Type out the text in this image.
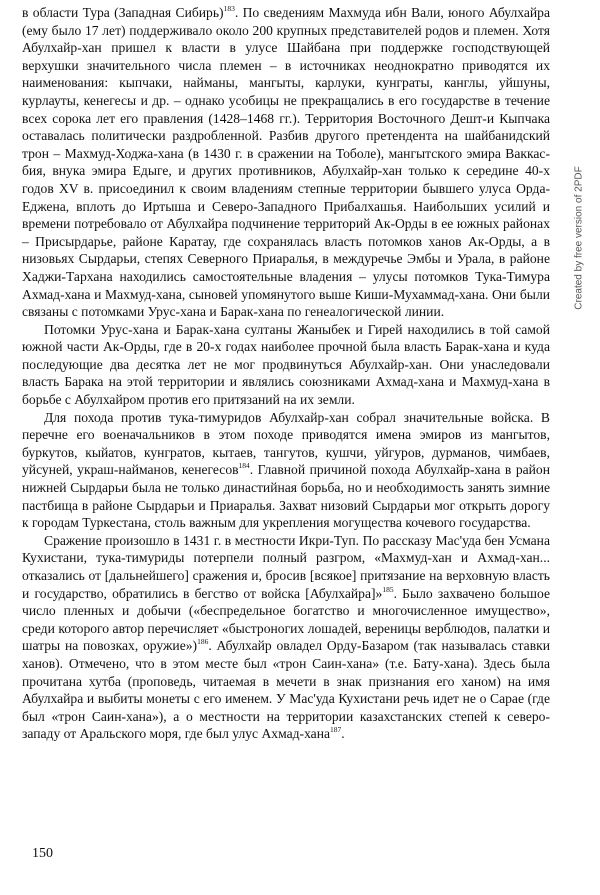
в области Тура (Западная Сибирь)$^{183}$. По сведениям Махмуда ибн Вали, юного Абулхайра (ему было 17 лет) поддерживало около 200 крупных представителей родов и племен. Хотя Абулхайр-хан пришел к власти в улусе Шайбана при поддержке господствующей верхушки значительного числа племен – в источниках неоднократно приводятся их наименования: кыпчаки, найманы, мангыты, карлуки, кунграты, канглы, уйшуны, курлауты, кенегесы и др. – однако усобицы не прекращались в его государстве в течение всех сорока лет его правления (1428–1468 гг.). Территория Восточного Дешт-и Кыпчака оставалась политически раздробленной. Разбив другого претендента на шайбанидский трон – Махмуд-Ходжа-хана (в 1430 г. в сражении на Тоболе), мангытского эмира Ваккас-бия, внука эмира Едыге, и других противников, Абулхайр-хан только к середине 40-х годов XV в. присоединил к своим владениям степные территории бывшего улуса Орда-Еджена, вплоть до Иртыша и Северо-Западного Прибалхашья. Наибольших усилий и времени потребовало от Абулхайра подчинение территорий Ак-Орды в ее южных районах – Присырдарье, районе Каратау, где сохранялась власть потомков ханов Ак-Орды, а в низовьях Сырдарьи, степях Северного Приаралья, в междуречье Эмбы и Урала, в районе Хаджи-Тархана находились самостоятельные владения – улусы потомков Тука-Тимура Ахмад-хана и Махмуд-хана, сыновей упомянутого выше Киши-Мухаммад-хана. Они были связаны с потомками Урус-хана и Барак-хана по генеалогической линии.

Потомки Урус-хана и Барак-хана султаны Жаныбек и Гирей находились в той самой южной части Ак-Орды, где в 20-х годах наиболее прочной была власть Барак-хана и куда последующие два десятка лет не мог продвинуться Абулхайр-хан. Они унаследовали власть Барака на этой территории и являлись союзниками Ахмад-хана и Махмуд-хана в борьбе с Абулхайром против его притязаний на их земли.

Для похода против тука-тимуридов Абулхайр-хан собрал значительные войска. В перечне его военачальников в этом походе приводятся имена эмиров из мангытов, буркутов, кыйатов, кунгратов, кытаев, тангутов, кушчи, уйгуров, дурманов, чимбаев, уйсуней, украш-найманов, кенегесов$^{184}$. Главной причиной похода Абулхайр-хана в район нижней Сырдарьи была не только династийная борьба, но и необходимость занять зимние пастбища в районе Сырдарьи и Приаралья. Захват низовий Сырдарьи мог открыть дорогу к городам Туркестана, столь важным для укрепления могущества кочевого государства.

Сражение произошло в 1431 г. в местности Икри-Туп. По рассказу Мас'уда бен Усмана Кухистани, тука-тимуриды потерпели полный разгром, «Махмуд-хан и Ахмад-хан... отказались от [дальнейшего] сражения и, бросив [всякое] притязание на верховную власть и государство, обратились в бегство от войска [Абулхайра]»$^{185}$. Было захвачено большое число пленных и добычи («беспредельное богатство и многочисленное имущество», среди которого автор перечисляет «быстроногих лошадей, вереницы верблюдов, палатки и шатры на повозках, оружие»)$^{186}$. Абулхайр овладел Орду-Базаром (так называлась ставки ханов). Отмечено, что в этом месте был «трон Саин-хана» (т.е. Бату-хана). Здесь была прочитана хутба (проповедь, читаемая в мечети в знак признания его ханом) на имя Абулхайра и выбиты монеты с его именем. У Мас'уда Кухистани речь идет не о Сарае (где был «трон Саин-хана»), а о местности на территории казахстанских степей к северо-западу от Аральского моря, где был улус Ахмад-хана$^{187}$.

150
Created by free version of 2PDF
